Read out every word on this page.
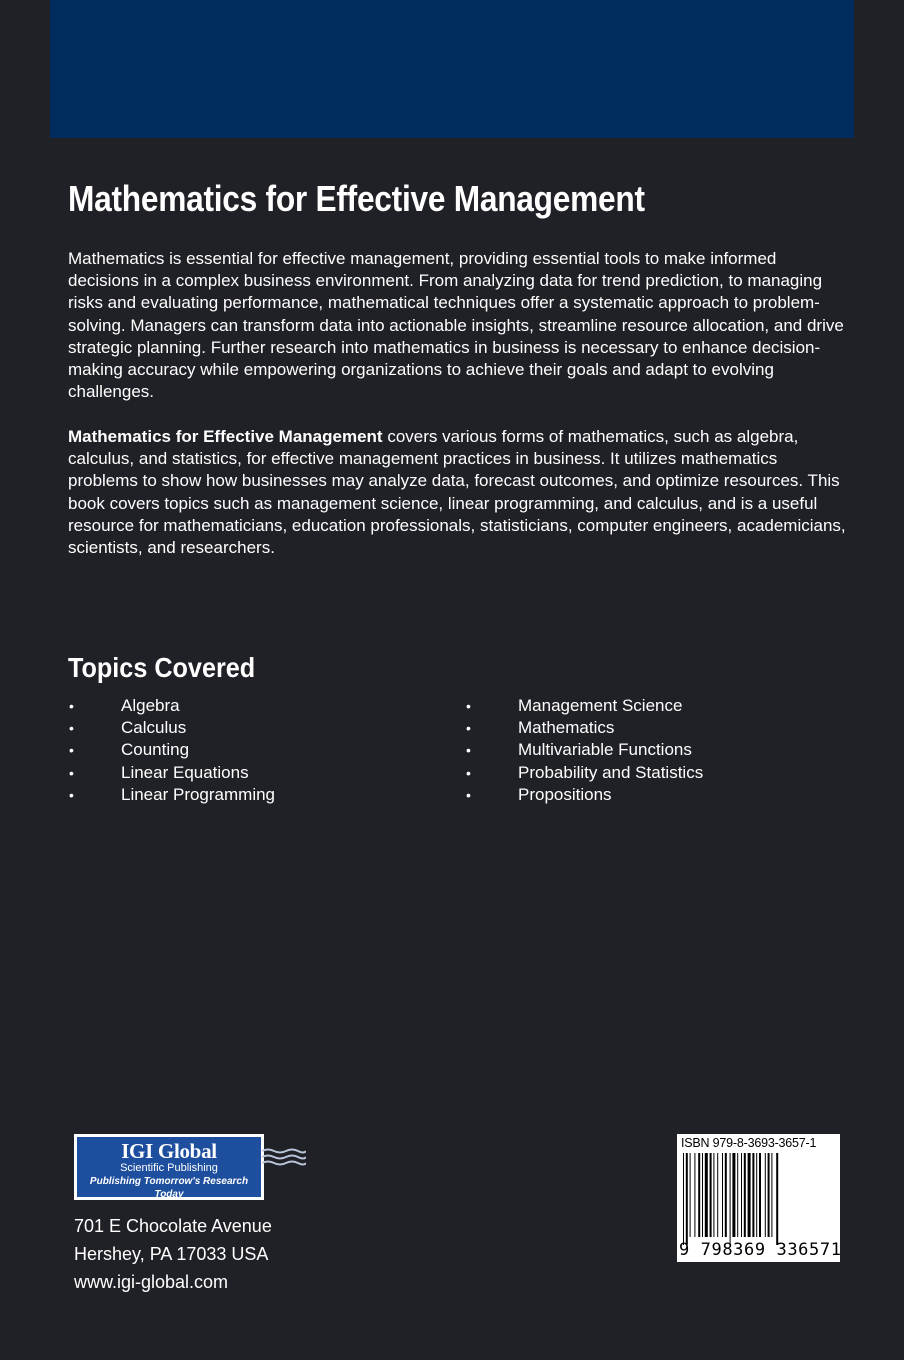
Mathematics for Effective Management

Mathematics is essential for effective management, providing essential tools to make informed decisions in a complex business environment. From analyzing data for trend prediction, to managing risks and evaluating performance, mathematical techniques offer a systematic approach to problem-solving. Managers can transform data into actionable insights, streamline resource allocation, and drive strategic planning. Further research into mathematics in business is necessary to enhance decision-making accuracy while empowering organizations to achieve their goals and adapt to evolving challenges.

Mathematics for Effective Management covers various forms of mathematics, such as algebra, calculus, and statistics, for effective management practices in business. It utilizes mathematics problems to show how businesses may analyze data, forecast outcomes, and optimize resources. This book covers topics such as management science, linear programming, and calculus, and is a useful resource for mathematicians, education professionals, statisticians, computer engineers, academicians, scientists, and researchers.

Topics Covered
• Algebra
• Calculus
• Counting
• Linear Equations
• Linear Programming
• Management Science
• Mathematics
• Multivariable Functions
• Probability and Statistics
• Propositions
IGI Global
Scientific Publishing
Publishing Tomorrow's Research Today

701 E Chocolate Avenue
Hershey, PA 17033 USA
www.igi-global.com

ISBN 979-8-3693-3657-1
9 798369 336571
